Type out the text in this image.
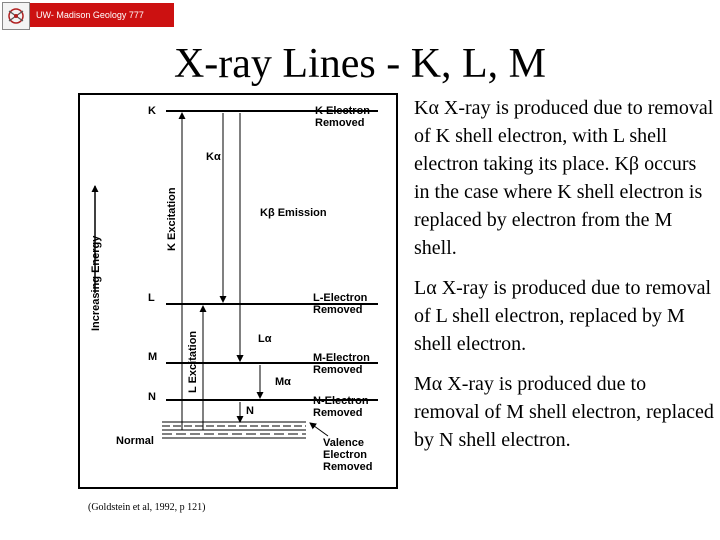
UW- Madison Geology 777
X-ray Lines - K, L, M
Increasing Energy
K
L
M
N
Normal
K Excitation
L Excitation
Kα
Kβ Emission
Lα
Mα
N
K Electron Removed
L-Electron Removed
M-Electron Removed
N-Electron Removed
Valence Electron Removed
(Goldstein et al, 1992, p 121)

Kα X-ray is produced due to removal of K shell electron, with L shell electron taking its place. Kβ occurs in the case where K shell electron is replaced by electron from the M shell.

Lα X-ray is produced due to removal of L shell electron, replaced by M shell electron.

Mα X-ray is produced due to removal of M shell electron, replaced by N shell electron.
